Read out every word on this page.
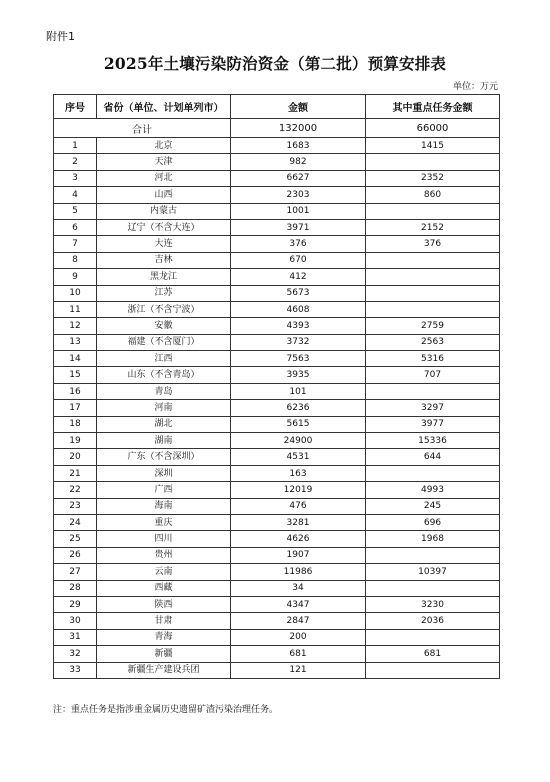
附件1
2025年土壤污染防治资金（第二批）预算安排表
单位：万元
序号	省份（单位、计划单列市）	金额	其中重点任务金额
合计		132000	66000
1	北京	1683	1415
2	天津	982	
3	河北	6627	2352
4	山西	2303	860
5	内蒙古	1001	
6	辽宁（不含大连）	3971	2152
7	大连	376	376
8	吉林	670	
9	黑龙江	412	
10	江苏	5673	
11	浙江（不含宁波）	4608	
12	安徽	4393	2759
13	福建（不含厦门）	3732	2563
14	江西	7563	5316
15	山东（不含青岛）	3935	707
16	青岛	101	
17	河南	6236	3297
18	湖北	5615	3977
19	湖南	24900	15336
20	广东（不含深圳）	4531	644
21	深圳	163	
22	广西	12019	4993
23	海南	476	245
24	重庆	3281	696
25	四川	4626	1968
26	贵州	1907	
27	云南	11986	10397
28	西藏	34	
29	陕西	4347	3230
30	甘肃	2847	2036
31	青海	200	
32	新疆	681	681
33	新疆生产建设兵团	121	
注：重点任务是指涉重金属历史遗留矿渣污染治理任务。
